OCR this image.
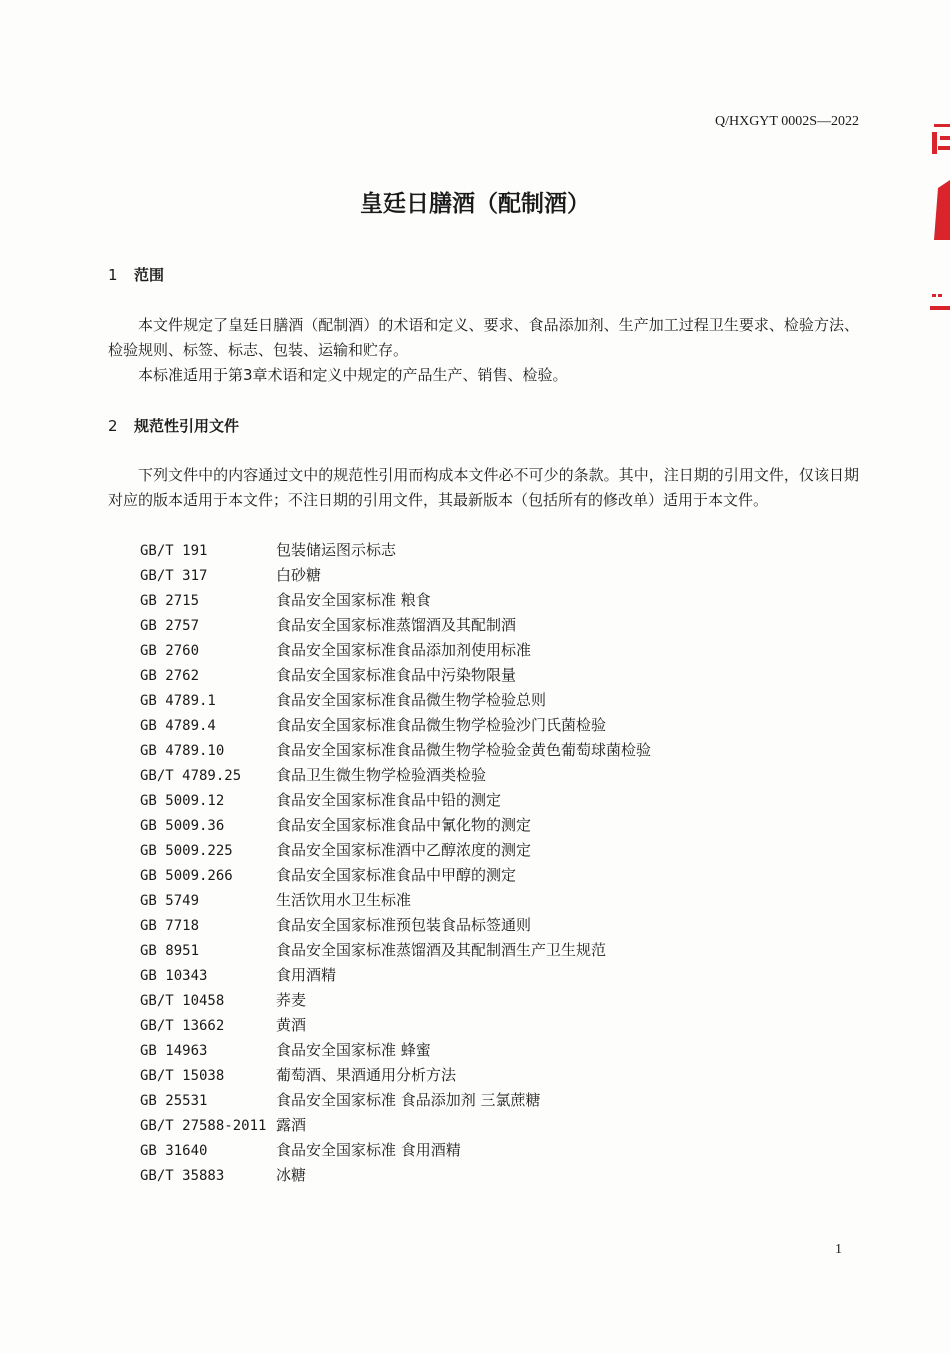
Q/HXGYT 0002S—2022
皇廷日膳酒（配制酒）
1 范围
本文件规定了皇廷日膳酒（配制酒）的术语和定义、要求、食品添加剂、生产加工过程卫生要求、检验方法、检验规则、标签、标志、包装、运输和贮存。
本标准适用于第3章术语和定义中规定的产品生产、销售、检验。
2 规范性引用文件
下列文件中的内容通过文中的规范性引用而构成本文件必不可少的条款。其中，注日期的引用文件，仅该日期对应的版本适用于本文件；不注日期的引用文件，其最新版本（包括所有的修改单）适用于本文件。
GB/T 191	包装储运图示标志
GB/T 317	白砂糖
GB 2715	食品安全国家标准 粮食
GB 2757	食品安全国家标准蒸馏酒及其配制酒
GB 2760	食品安全国家标准食品添加剂使用标准
GB 2762	食品安全国家标准食品中污染物限量
GB 4789.1	食品安全国家标准食品微生物学检验总则
GB 4789.4	食品安全国家标准食品微生物学检验沙门氏菌检验
GB 4789.10	食品安全国家标准食品微生物学检验金黄色葡萄球菌检验
GB/T 4789.25 食品卫生微生物学检验酒类检验
GB 5009.12	食品安全国家标准食品中铅的测定
GB 5009.36	食品安全国家标准食品中氰化物的测定
GB 5009.225	食品安全国家标准酒中乙醇浓度的测定
GB 5009.266	食品安全国家标准食品中甲醇的测定
GB 5749	生活饮用水卫生标准
GB 7718	食品安全国家标准预包装食品标签通则
GB 8951	食品安全国家标准蒸馏酒及其配制酒生产卫生规范
GB 10343	食用酒精
GB/T 10458	荞麦
GB/T 13662	黄酒
GB 14963	食品安全国家标准 蜂蜜
GB/T 15038	葡萄酒、果酒通用分析方法
GB 25531	食品安全国家标准 食品添加剂 三氯蔗糖
GB/T 27588-2011 露酒
GB 31640	食品安全国家标准 食用酒精
GB/T 35883	冰糖
1
